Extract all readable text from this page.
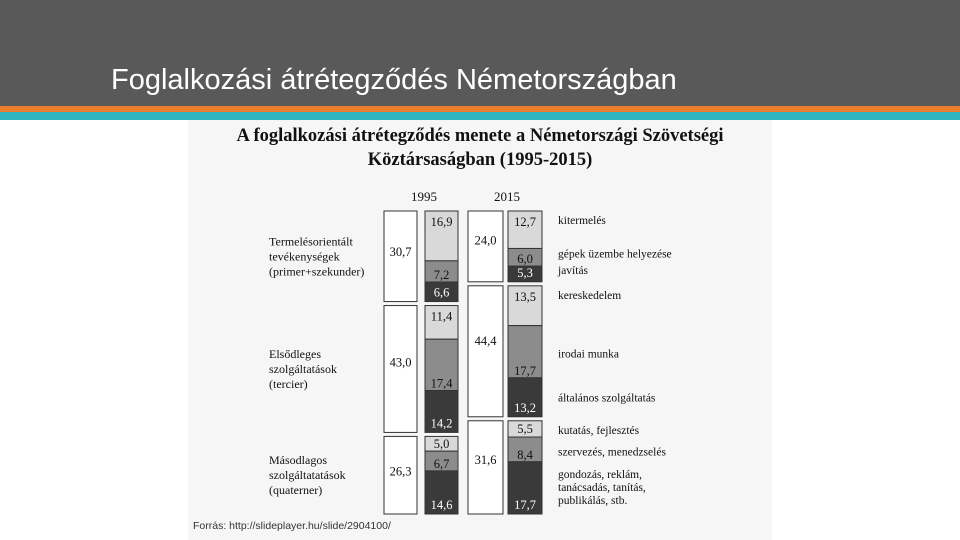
Foglalkozási átrétegződés Németországban
A foglalkozási átrétegződés menete a Németországi Szövetségi
Köztársaságban (1995-2015)
1995	2015
Termelésorientált
tevékenységek
(primer+szekunder)
Elsődleges
szolgáltatások
(tercier)
Másodlagos
szolgáltatatások
(quaterner)
30,7
43,0
26,3
24,0
44,4
31,6
16,9	12,7
7,2
6,0
6,6
5,3
11,4
13,5
17,4
17,7
14,2
13,2
5,0
5,5
6,7
8,4
14,6	17,7
kitermelés
gépek üzembe helyezése
javítás
kereskedelem
irodai munka
általános szolgáltatás
kutatás, fejlesztés
szervezés, menedzselés
gondozás, reklám,
tanácsadás, tanítás,
publikálás, stb.
Forrás: http://slideplayer.hu/slide/2904100/
